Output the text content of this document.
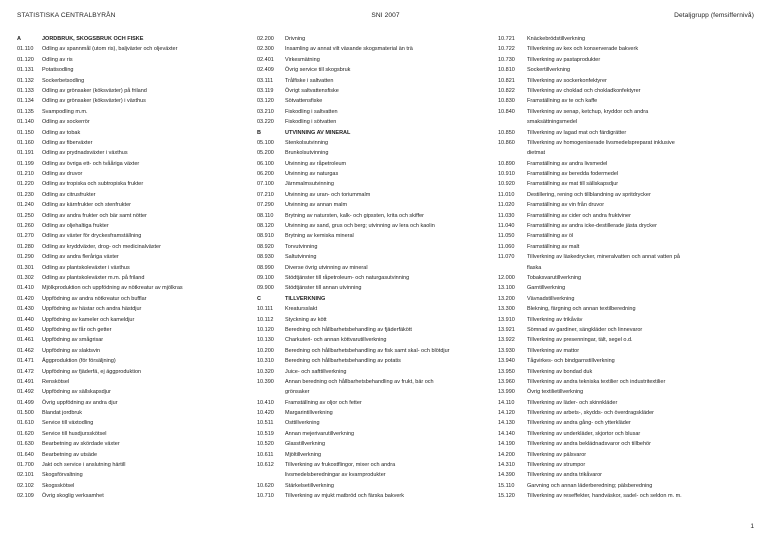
STATISTISKA CENTRALBYRÅN	SNI 2007	Detaljgrupp (femsiffernivå)
A	JORDBRUK, SKOGSBRUK OCH FISKE
01.110 Odling av spannmål (utom ris), baljväxter och oljeväxter
01.120 Odling av ris
01.131 Potatisodling
01.132 Sockerbetsodling
01.133 Odling av grönsaker (köksväxter) på friland
01.134 Odling av grönsaker (köksväxter) i växthus
01.135 Svampodling m.m.
01.140 Odling av sockerrör
01.150 Odling av tobak
01.160 Odling av fiberväxter
01.191 Odling av prydnadsväxter i växthus
01.199 Odling av övriga ett- och tvååriga växter
01.210 Odling av druvor
01.220 Odling av tropiska och subtropiska frukter
01.230 Odling av citrusfrukter
01.240 Odling av kärnfrukter och stenfrukter
01.250 Odling av andra frukter och bär samt nötter
01.260 Odling av oljehaltiga frukter
01.270 Odling av växter för dryckesframställning
01.280 Odling av kryddväxter, drog- och medicinalväxter
01.290 Odling av andra fleråriga växter
01.301 Odling av plantskoleväxter i växthus
01.302 Odling av plantskoleväxter m.m. på friland
01.410 Mjölkproduktion och uppfödning av nötkreatur av mjölkras
01.420 Uppfödning av andra nötkreatur och bufflar
01.430 Uppfödning av hästar och andra hästdjur
01.440 Uppfödning av kameler och kameldjur
01.450 Uppfödning av får och getter
01.461 Uppfödning av smågrisar
01.462 Uppfödning av slaktsvin
01.471 Äggproduktion (för försäljning)
01.472 Uppfödning av fjäderfä, ej äggproduktion
01.491 Renskötsel
01.492 Uppfödning av sällskapsdjur
01.499 Övrig uppfödning av andra djur
01.500 Blandat jordbruk
01.610 Service till växtodling
01.620 Service till husdjursskötsel
01.630 Bearbetning av skördade växter
01.640 Bearbetning av utsäde
01.700 Jakt och service i anslutning härtill
02.101 Skogsförvaltning
02.102 Skogsskötsel
02.109 Övrig skoglig verksamhet
02.200 Drivning
02.300 Insamling av annat vilt växande skogsmaterial än trä
02.401 Virkesmätning
02.409 Övrig service till skogsbruk
03.111 Trålfiske i saltvatten
03.119 Övrigt saltvattensfiske
03.120 Sötvattensfiske
03.210 Fiskodling i saltvatten
03.220 Fiskodling i sötvatten
B	UTVINNING AV MINERAL
05.100 Stenkolsutvinning
05.200 Brunkolsutvinning
06.100 Utvinning av råpetroleum
06.200 Utvinning av naturgas
07.100 Järnmalmsutvinning
07.210 Utvinning av uran- och toriummalm
07.290 Utvinning av annan malm
08.110 Brytning av natursten, kalk- och gipssten, krita och skiffer
08.120 Utvinning av sand, grus och berg; utvinning av lera och kaolin
08.910 Brytning av kemiska mineral
08.920 Torvutvinning
08.930 Saltutvinning
08.990 Diverse övrig utvinning av mineral
09.100 Stödtjänster till råpetroleum- och naturgasutvinning
09.900 Stödtjänster till annan utvinning
C	TILLVERKNING
10.111 Kreatursslakt
10.112 Styckning av kött
10.120 Beredning och hållbarhetsbehandling av fjäderfäkött
10.130 Charkuteri- och annan köttvarutillverkning
10.200 Beredning och hållbarhetsbehandling av fisk samt skal- och blötdjur
10.310 Beredning och hållbarhetsbehandling av potatis
10.320 Juice- och safttillverkning
10.390 Annan beredning och hållbarhetsbehandling av frukt, bär och
grönsaker
10.410 Framställning av oljor och fetter
10.420 Margarintillverkning
10.511 Osttillverkning
10.519 Annan mejerivarutillverkning
10.520 Glasstillverkning
10.611 Mjöltillverkning
10.612 Tillverkning av frukostflingor, mixer och andra
livsmedelsberedningar av kvarnprodukter
10.620 Stärkelsetillverkning
10.710 Tillverkning av mjukt matbröd och färska bakverk
10.721 Knäckebrödstillverkning
10.722 Tillverkning av kex och konserverade bakverk
10.730 Tillverkning av pastaprodukter
10.810 Sockertillverkning
10.821 Tillverkning av sockerkonfektyrer
10.822 Tillverkning av choklad och chokladkonfektyrer
10.830 Framställning av te och kaffe
10.840 Tillverkning av senap, ketchup, kryddor och andra
smaksättningsmedel
10.850 Tillverkning av lagad mat och färdigrätter
10.860 Tillverkning av homogeniserade livsmedelspreparat inklusive
dietmat
10.890 Framställning av andra livsmedel
10.910 Framställning av beredda fodermedel
10.920 Framställning av mat till sällskapsdjur
11.010 Destillering, rening och tillblandning av spritdrycker
11.020 Framställning av vin från druvor
11.030 Framställning av cider och andra fruktviner
11.040 Framställning av andra icke-destillerade jästa drycker
11.050 Framställning av öl
11.060 Framställning av malt
11.070 Tillverkning av läskedrycker, mineralvatten och annat vatten på
flaska
12.000 Tobaksvarutillverkning
13.100 Garntillverkning
13.200 Vävnadstillverkning
13.300 Blekning, färgning och annan textilberedning
13.910 Tillverkning av trikåväv
13.921 Sömnad av gardiner, sängkläder och linnevaror
13.922 Tillverkning av presenningar, tält, segel o.d.
13.930 Tillverkning av mattor
13.940 Tågvirkes- och bindgarnstillverkning
13.950 Tillverkning av bondad duk
13.960 Tillverkning av andra tekniska textilier och industritextilier
13.990 Övrig textilietillverkning
14.110 Tillverkning av läder- och skinnkläder
14.120 Tillverkning av arbets-, skydds- och överdragskläder
14.130 Tillverkning av andra gång- och ytterkläder
14.140 Tillverkning av underkläder, skjortor och blusar
14.190 Tillverkning av andra beklädnadsvaror och tillbehör
14.200 Tillverkning av pälsvaror
14.310 Tillverkning av strumpor
14.390 Tillverkning av andra trikåvaror
15.110 Garvning och annan läderberedning; pälsberedning
15.120 Tillverkning av reseffekter, handväskor, sadel- och seldon m. m.
1
